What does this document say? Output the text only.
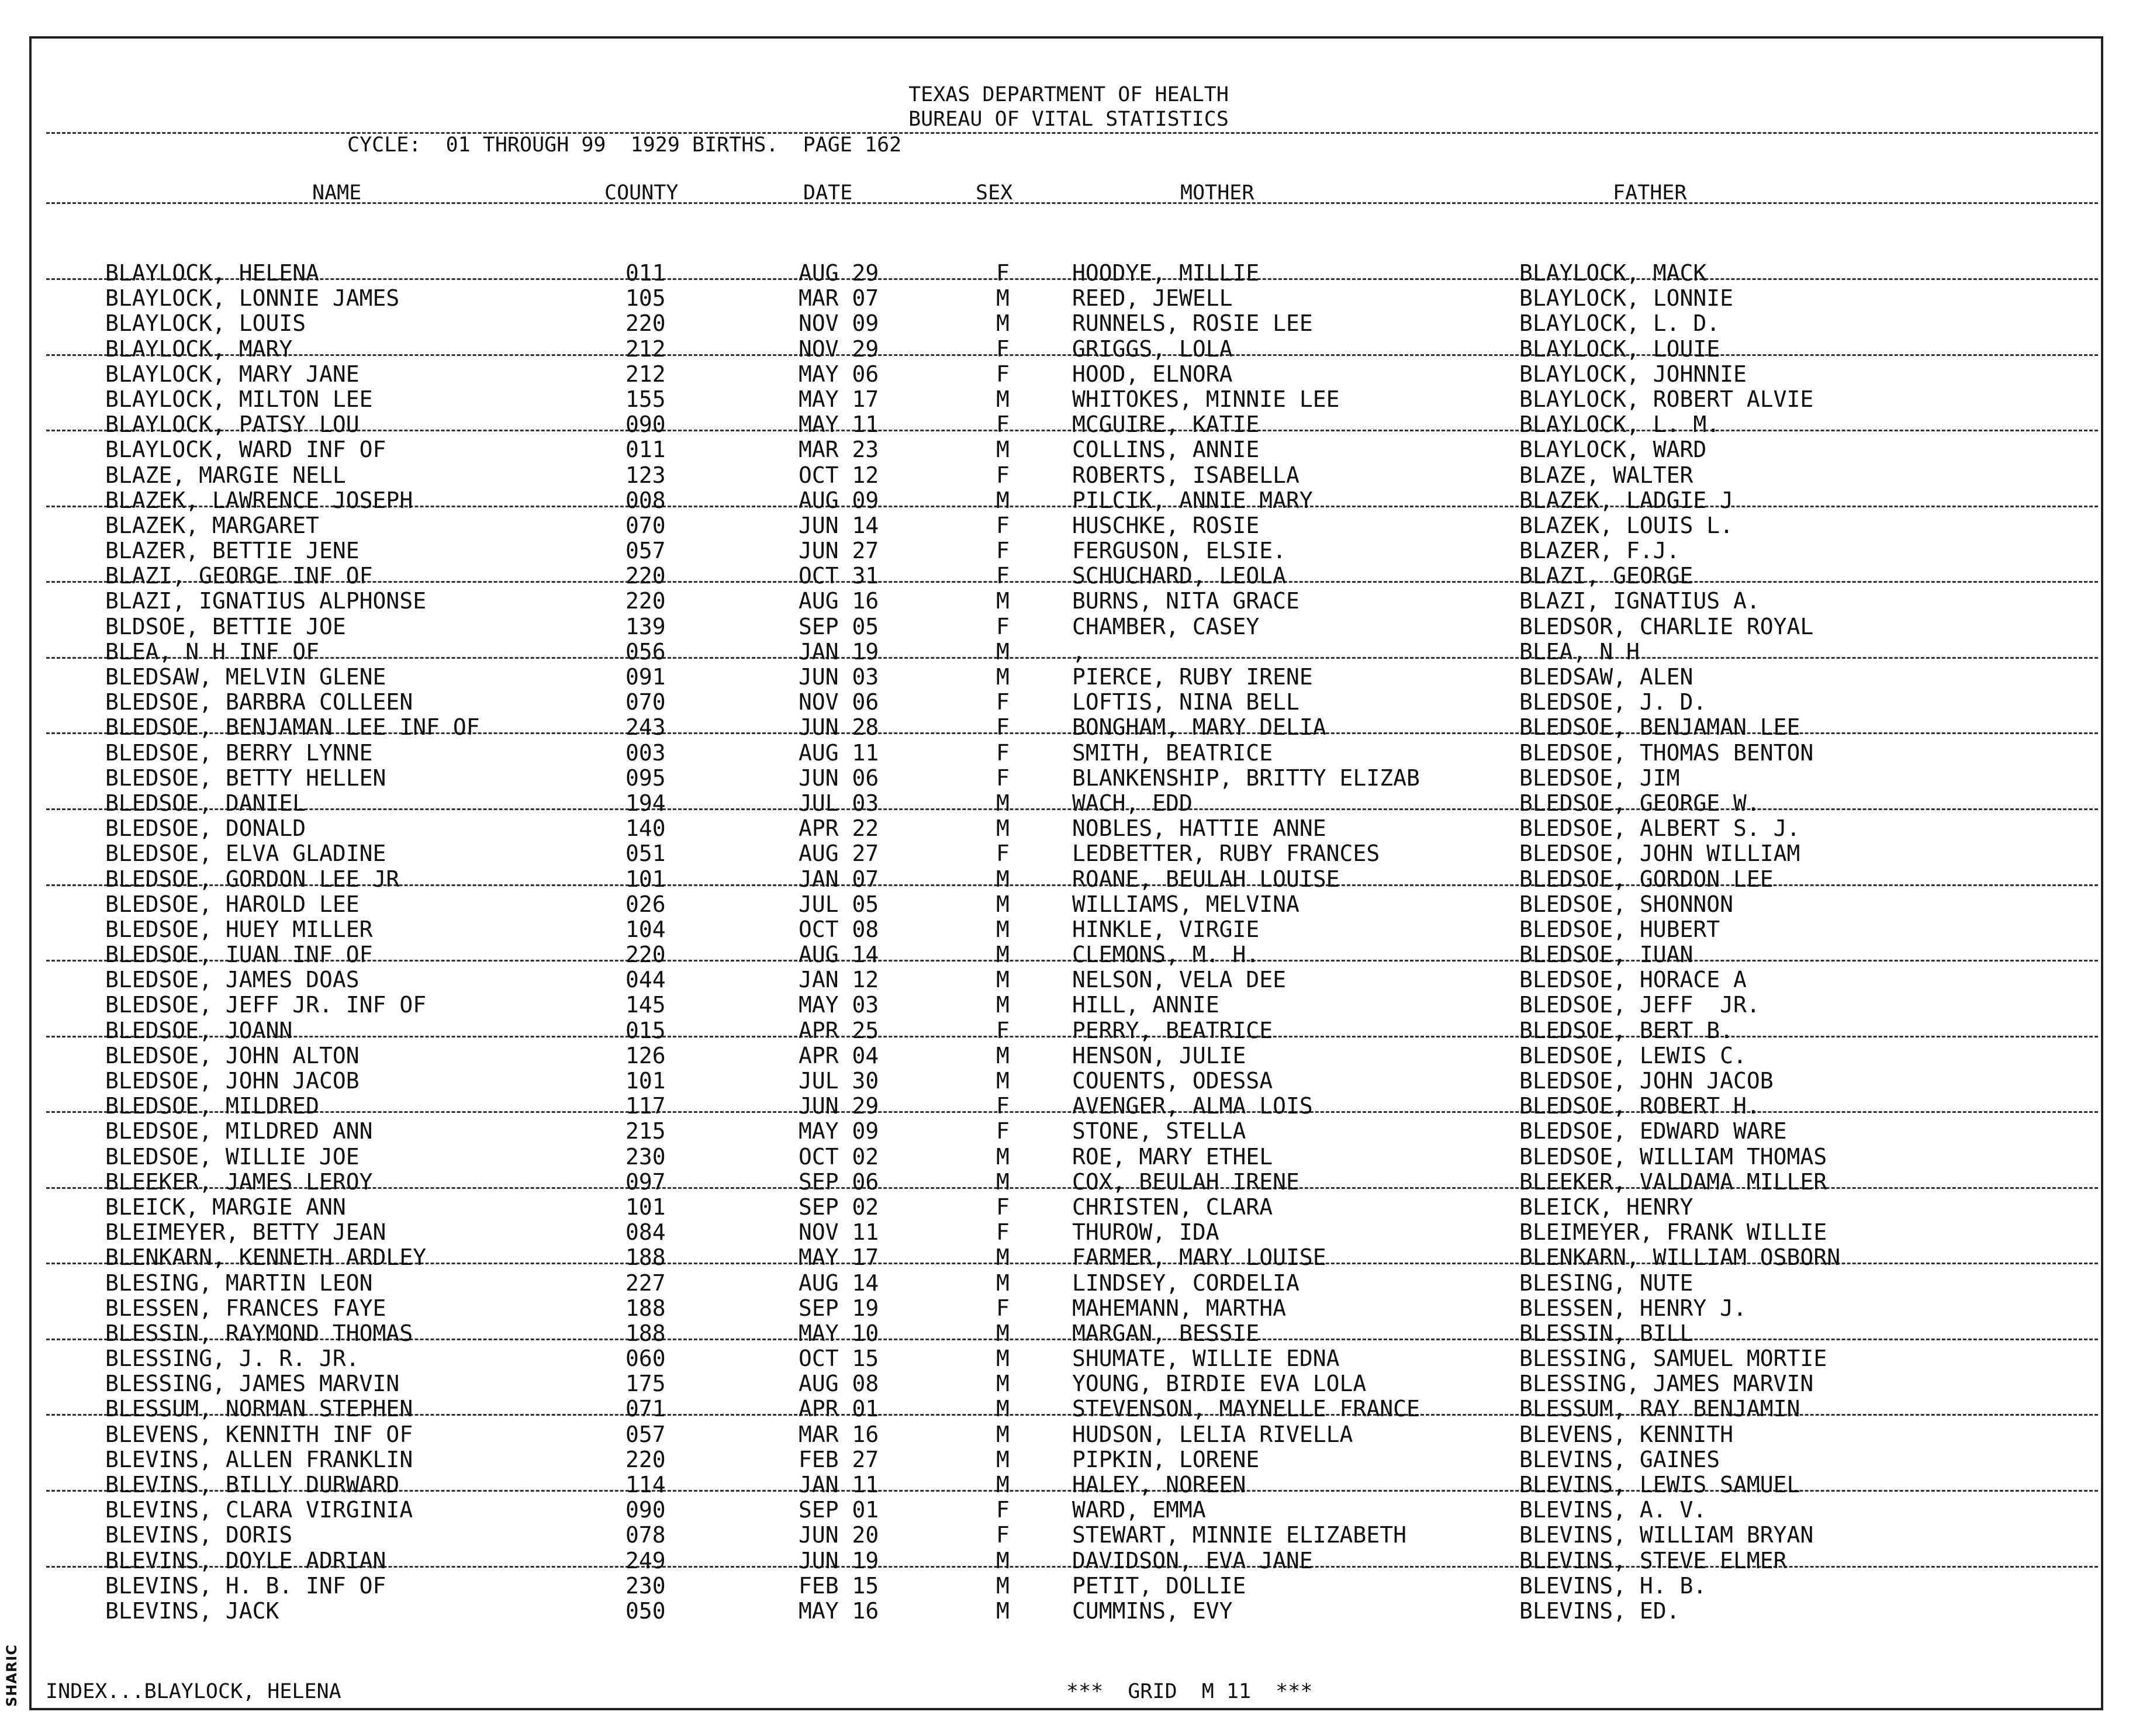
SHARIC
TEXAS DEPARTMENT OF HEALTH
BUREAU OF VITAL STATISTICS
CYCLE:  01 THROUGH 99  1929 BIRTHS.  PAGE 162
NAME	COUNTY	DATE	SEX	MOTHER	FATHER
BLAYLOCK, HELENA	011	AUG 29	F	HOODYE, MILLIE	BLAYLOCK, MACK
BLAYLOCK, LONNIE JAMES	105	MAR 07	M	REED, JEWELL	BLAYLOCK, LONNIE
BLAYLOCK, LOUIS	220	NOV 09	M	RUNNELS, ROSIE LEE	BLAYLOCK, L. D.
BLAYLOCK, MARY	212	NOV 29	F	GRIGGS, LOLA	BLAYLOCK, LOUIE
BLAYLOCK, MARY JANE	212	MAY 06	F	HOOD, ELNORA	BLAYLOCK, JOHNNIE
BLAYLOCK, MILTON LEE	155	MAY 17	M	WHITOKES, MINNIE LEE	BLAYLOCK, ROBERT ALVIE
BLAYLOCK, PATSY LOU	090	MAY 11	F	MCGUIRE, KATIE	BLAYLOCK, L. M.
BLAYLOCK, WARD INF OF	011	MAR 23	M	COLLINS, ANNIE	BLAYLOCK, WARD
BLAZE, MARGIE NELL	123	OCT 12	F	ROBERTS, ISABELLA	BLAZE, WALTER
BLAZEK, LAWRENCE JOSEPH	008	AUG 09	M	PILCIK, ANNIE MARY	BLAZEK, LADGIE J
BLAZEK, MARGARET	070	JUN 14	F	HUSCHKE, ROSIE	BLAZEK, LOUIS L.
BLAZER, BETTIE JENE	057	JUN 27	F	FERGUSON, ELSIE.	BLAZER, F.J.
BLAZI, GEORGE INF OF	220	OCT 31	F	SCHUCHARD, LEOLA	BLAZI, GEORGE
BLAZI, IGNATIUS ALPHONSE	220	AUG 16	M	BURNS, NITA GRACE	BLAZI, IGNATIUS A.
BLDSOE, BETTIE JOE	139	SEP 05	F	CHAMBER, CASEY	BLEDSOR, CHARLIE ROYAL
BLEA, N H INF OF	056	JAN 19	M	,	BLEA, N H
BLEDSAW, MELVIN GLENE	091	JUN 03	M	PIERCE, RUBY IRENE	BLEDSAW, ALEN
BLEDSOE, BARBRA COLLEEN	070	NOV 06	F	LOFTIS, NINA BELL	BLEDSOE, J. D.
BLEDSOE, BENJAMAN LEE INF OF	243	JUN 28	F	BONGHAM, MARY DELIA	BLEDSOE, BENJAMAN LEE
BLEDSOE, BERRY LYNNE	003	AUG 11	F	SMITH, BEATRICE	BLEDSOE, THOMAS BENTON
BLEDSOE, BETTY HELLEN	095	JUN 06	F	BLANKENSHIP, BRITTY ELIZAB	BLEDSOE, JIM
BLEDSOE, DANIEL	194	JUL 03	M	WACH, EDD	BLEDSOE, GEORGE W.
BLEDSOE, DONALD	140	APR 22	M	NOBLES, HATTIE ANNE	BLEDSOE, ALBERT S. J.
BLEDSOE, ELVA GLADINE	051	AUG 27	F	LEDBETTER, RUBY FRANCES	BLEDSOE, JOHN WILLIAM
BLEDSOE, GORDON LEE JR	101	JAN 07	M	ROANE, BEULAH LOUISE	BLEDSOE, GORDON LEE
BLEDSOE, HAROLD LEE	026	JUL 05	M	WILLIAMS, MELVINA	BLEDSOE, SHONNON
BLEDSOE, HUEY MILLER	104	OCT 08	M	HINKLE, VIRGIE	BLEDSOE, HUBERT
BLEDSOE, IUAN INF OF	220	AUG 14	M	CLEMONS, M. H.	BLEDSOE, IUAN
BLEDSOE, JAMES DOAS	044	JAN 12	M	NELSON, VELA DEE	BLEDSOE, HORACE A
BLEDSOE, JEFF JR. INF OF	145	MAY 03	M	HILL, ANNIE	BLEDSOE, JEFF  JR.
BLEDSOE, JOANN	015	APR 25	F	PERRY, BEATRICE	BLEDSOE, BERT B.
BLEDSOE, JOHN ALTON	126	APR 04	M	HENSON, JULIE	BLEDSOE, LEWIS C.
BLEDSOE, JOHN JACOB	101	JUL 30	M	COUENTS, ODESSA	BLEDSOE, JOHN JACOB
BLEDSOE, MILDRED	117	JUN 29	F	AVENGER, ALMA LOIS	BLEDSOE, ROBERT H.
BLEDSOE, MILDRED ANN	215	MAY 09	F	STONE, STELLA	BLEDSOE, EDWARD WARE
BLEDSOE, WILLIE JOE	230	OCT 02	M	ROE, MARY ETHEL	BLEDSOE, WILLIAM THOMAS
BLEEKER, JAMES LEROY	097	SEP 06	M	COX, BEULAH IRENE	BLEEKER, VALDAMA MILLER
BLEICK, MARGIE ANN	101	SEP 02	F	CHRISTEN, CLARA	BLEICK, HENRY
BLEIMEYER, BETTY JEAN	084	NOV 11	F	THUROW, IDA	BLEIMEYER, FRANK WILLIE
BLENKARN, KENNETH ARDLEY	188	MAY 17	M	FARMER, MARY LOUISE	BLENKARN, WILLIAM OSBORN
BLESING, MARTIN LEON	227	AUG 14	M	LINDSEY, CORDELIA	BLESING, NUTE
BLESSEN, FRANCES FAYE	188	SEP 19	F	MAHEMANN, MARTHA	BLESSEN, HENRY J.
BLESSIN, RAYMOND THOMAS	188	MAY 10	M	MARGAN, BESSIE	BLESSIN, BILL
BLESSING, J. R. JR.	060	OCT 15	M	SHUMATE, WILLIE EDNA	BLESSING, SAMUEL MORTIE
BLESSING, JAMES MARVIN	175	AUG 08	M	YOUNG, BIRDIE EVA LOLA	BLESSING, JAMES MARVIN
BLESSUM, NORMAN STEPHEN	071	APR 01	M	STEVENSON, MAYNELLE FRANCE	BLESSUM, RAY BENJAMIN
BLEVENS, KENNITH INF OF	057	MAR 16	M	HUDSON, LELIA RIVELLA	BLEVENS, KENNITH
BLEVINS, ALLEN FRANKLIN	220	FEB 27	M	PIPKIN, LORENE	BLEVINS, GAINES
BLEVINS, BILLY DURWARD	114	JAN 11	M	HALEY, NOREEN	BLEVINS, LEWIS SAMUEL
BLEVINS, CLARA VIRGINIA	090	SEP 01	F	WARD, EMMA	BLEVINS, A. V.
BLEVINS, DORIS	078	JUN 20	F	STEWART, MINNIE ELIZABETH	BLEVINS, WILLIAM BRYAN
BLEVINS, DOYLE ADRIAN	249	JUN 19	M	DAVIDSON, EVA JANE	BLEVINS, STEVE ELMER
BLEVINS, H. B. INF OF	230	FEB 15	M	PETIT, DOLLIE	BLEVINS, H. B.
BLEVINS, JACK	050	MAY 16	M	CUMMINS, EVY	BLEVINS, ED.
INDEX...BLAYLOCK, HELENA	***  GRID  M 11  ***
